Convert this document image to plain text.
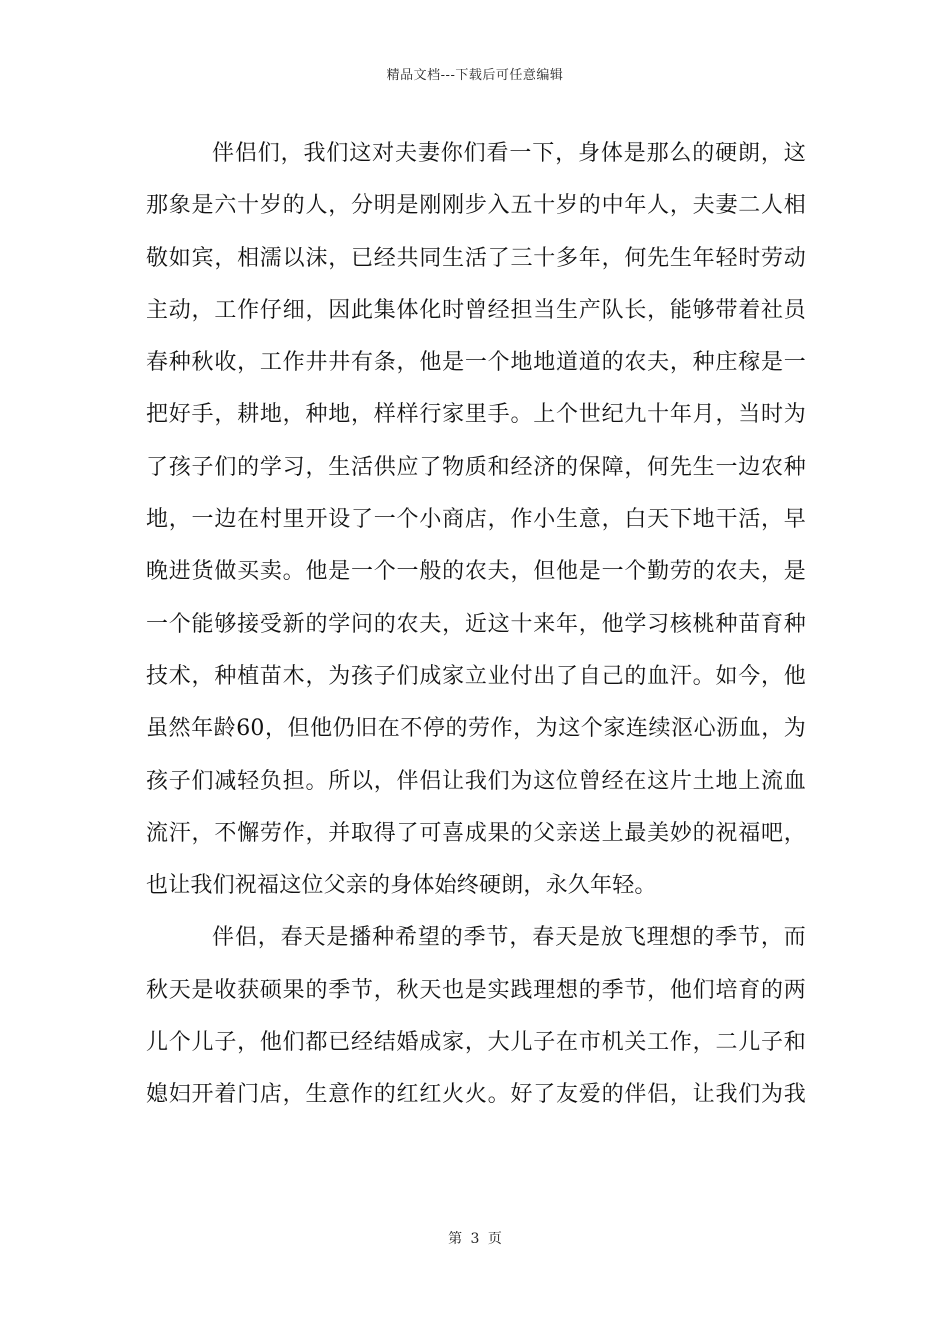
精品文档---下载后可任意编辑
伴侣们，我们这对夫妻你们看一下，身体是那么的硬朗，这
那象是六十岁的人，分明是刚刚步入五十岁的中年人，夫妻二人相
敬如宾，相濡以沫，已经共同生活了三十多年，何先生年轻时劳动
主动，工作仔细，因此集体化时曾经担当生产队长，能够带着社员
春种秋收，工作井井有条，他是一个地地道道的农夫，种庄稼是一
把好手，耕地，种地，样样行家里手。上个世纪九十年月，当时为
了孩子们的学习，生活供应了物质和经济的保障，何先生一边农种
地，一边在村里开设了一个小商店，作小生意，白天下地干活，早
晚进货做买卖。他是一个一般的农夫，但他是一个勤劳的农夫，是
一个能够接受新的学问的农夫，近这十来年，他学习核桃种苗育种
技术，种植苗木，为孩子们成家立业付出了自己的血汗。如今，他
虽然年龄60，但他仍旧在不停的劳作，为这个家连续沤心沥血，为
孩子们减轻负担。所以，伴侣让我们为这位曾经在这片土地上流血
流汗，不懈劳作，并取得了可喜成果的父亲送上最美妙的祝福吧，
也让我们祝福这位父亲的身体始终硬朗，永久年轻。
伴侣，春天是播种希望的季节，春天是放飞理想的季节，而
秋天是收获硕果的季节，秋天也是实践理想的季节，他们培育的两
儿个儿子，他们都已经结婚成家，大儿子在市机关工作，二儿子和
媳妇开着门店，生意作的红红火火。好了友爱的伴侣，让我们为我
第 3 页
